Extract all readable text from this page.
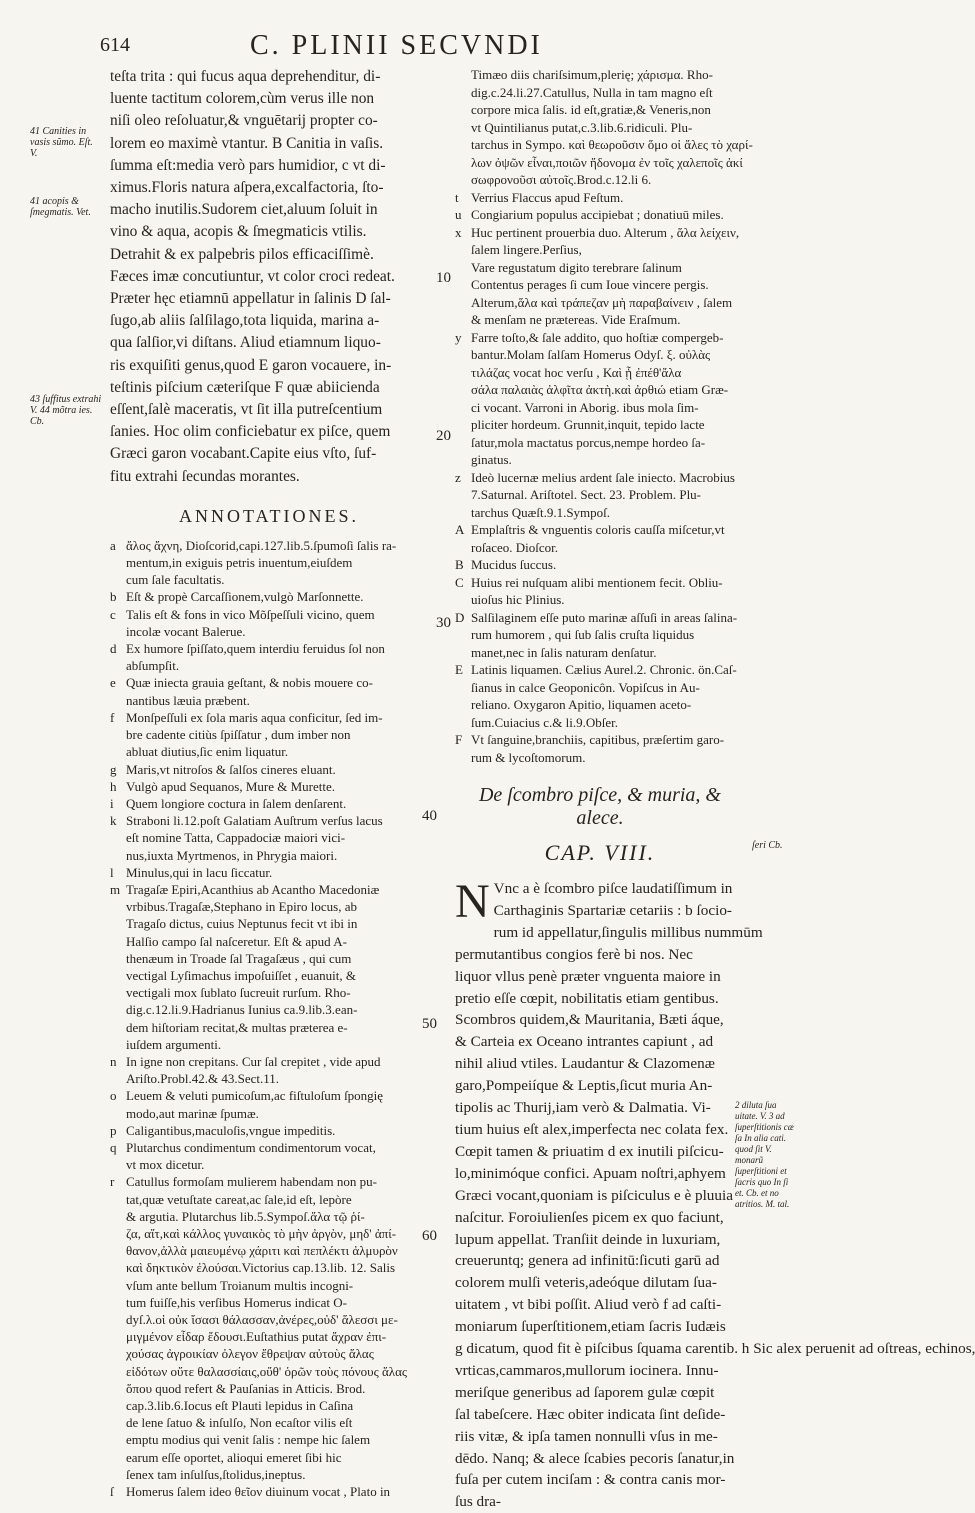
614	C. PLINII SECVNDI
41 Canities in vasis sũmo. Eſt. V.
41 acopis & ſmegmatis. Vet.
43 ſuffitus extrahi V. 44 mõtra ies. Cb.
ſeri Cb.
2 diluta ſua uitate. V. 3 ad ſuperſtitionis cæ ſa In alia cati. quod ſit V. monarũ ſuperſtitioni et ſacris quo In ſi et. Cb. et no atritios. M. tal.
10
20
30
40
50
60
teſta trita : qui fucus aqua deprehenditur, di-
luente tactitum colorem,cùm verus ille non
niſi oleo reſoluatur,& vnguētarij propter co-
lorem eo maximè vtantur. B Canitia in vaſis.
ſumma eſt:media verò pars humidior, c vt di-
ximus.Floris natura aſpera,excalfactoria, ſto-
macho inutilis.Sudorem ciet,aluum ſoluit in
vino & aqua, acopis & ſmegmaticis vtilis.
Detrahit & ex palpebris pilos efficaciſſimè.
Fæces imæ concutiuntur, vt color croci redeat.
Præter hęc etiamnū appellatur in ſalinis D ſal-
ſugo,ab aliis ſalſilago,tota liquida, marina a-
qua ſalſior,vi diſtans. Aliud etiamnum liquo-
ris exquiſiti genus,quod E garon vocauere, in-
teſtinis piſcium cæteriſque F quæ abiicienda
eſſent,ſalè maceratis, vt ſit illa putreſcentium
ſanies. Hoc olim conficiebatur ex piſce, quem
Græci garon vocabant.Capite eius vſto, ſuf-
fitu extrahi ſecundas morantes.
ANNOTATIONES.
a ἄλος ἄχνη, Dioſcorid,capi.127.lib.5.ſpumoſi ſalis ra-
mentum,in exiguis petris inuentum,eiuſdem
cum ſale facultatis.
b Eſt & propè Carcaſſionem,vulgò Marſonnette.
c Talis eſt & fons in vico Mõſpeſſuli vicino, quem
incolæ vocant Balerue.
d Ex humore ſpiſſato,quem interdiu feruidus ſol non
abſumpſit.
e Quæ iniecta grauia geſtant, & nobis mouere co-
nantibus læuia præbent.
f Monſpeſſuli ex ſola maris aqua conficitur, ſed im-
bre cadente citiùs ſpiſſatur , dum imber non
abluat diutius,ſic enim liquatur.
g Maris,vt nitroſos & ſalſos cineres eluant.
h Vulgò apud Sequanos, Mure & Murette.
i Quem longiore coctura in ſalem denſarent.
k Straboni li.12.poſt Galatiam Auſtrum verſus lacus
eſt nomine Tatta, Cappadociæ maiori vici-
nus,iuxta Myrtmenos, in Phrygia maiori.
l Minulus,qui in lacu ſiccatur.
m Tragaſæ Epiri,Acanthius ab Acantho Macedoniæ
vrbibus.Tragaſæ,Stephano in Epiro locus, ab
Tragaſo dictus, cuius Neptunus fecit vt ibi in
Halſio campo ſal naſceretur. Eſt & apud A-
thenæum in Troade ſal Tragaſæus , qui cum
vectigal Lyſimachus impoſuiſſet , euanuit, &
vectigali mox ſublato ſucreuit rurſum. Rho-
dig.c.12.li.9.Hadrianus Iunius ca.9.lib.3.ean-
dem hiſtoriam recitat,& multas præterea e-
iuſdem argumenti.
n In igne non crepitans. Cur ſal crepitet , vide apud
Ariſto.Probl.42.& 43.Sect.11.
o Leuem & veluti pumicoſum,ac fiſtuloſum ſpongię
modo,aut marinæ ſpumæ.
p Caligantibus,maculoſis,vngue impeditis.
q Plutarchus condimentum condimentorum vocat,
vt mox dicetur.
r Catullus formoſam mulierem habendam non pu-
tat,quæ vetuſtate careat,ac ſale,id eſt, lepòre
& argutia. Plutarchus lib.5.Sympoſ.ἅλα τῷ ῥί-
ζα, αἵτ,καὶ κάλλος γυναικὸς τὸ μὴν ἀργὸν, μηδ' ἀπί-
θανον,ἀλλὰ μαιευμένῳ χάριτι καὶ πεπλέκτι ἀλμυρὸν
καὶ δηκτικὸν ἐλούσαι.Victorius cap.13.lib. 12. Salis
vſum ante bellum Troianum multis incogni-
tum fuiſſe,his verſibus Homerus indicat O-
dyſ.λ.οἱ οὐκ ἴσασι θάλασσαν,ἀνέρες,οὐδ' ἅλεσσι με-
μιγμένον εἶδαρ ἔδουσι.Euſtathius putat ἄχραν ἐπι-
χούσας ἀγροικίαν ὀλεγον ἔθρεψαν αὐτοὺς ἅλας
εἰδότων οὔτε θαλασσίαις,οὔθ' ὁρῶν τοὺς πόνους ἅλας
ὅπου quod refert & Pauſanias in Atticis. Brod.
cap.3.lib.6.Iocus eſt Plauti lepidus in Caſina
de lene ſatuo & inſulſo, Non ecaſtor vilis eſt
emptu modius qui venit ſalis : nempe hic ſalem
earum eſſe oportet, alioqui emeret ſibi hic
ſenex tam inſulſus,ſtolidus,ineptus.
ſ Homerus ſalem ideo θεῖον diuinum vocat , Plato in
Timæo diis chariſsimum,plerię; χάρισμα. Rho-
dig.c.24.li.27.Catullus, Nulla in tam magno eſt
corpore mica ſalis. id eſt,gratiæ,& Veneris,non
vt Quintilianus putat,c.3.lib.6.ridiculi. Plu-
tarchus in Sympo. καὶ θεωροῦσιν ὅμο οἱ ἄλες τὸ χαρί-
λων ὀψῶν εἶναι,ποιῶν ἥδονομα ἐν τοῖς χαλεποῖς ἀκί
σωφρονοῦσι αὐτοῖς.Brod.c.12.li 6.
t Verrius Flaccus apud Feſtum.
u Congiarium populus accipiebat ; donatiuū miles.
x Huc pertinent prouerbia duo. Alterum , ἅλα λείχειν,
ſalem lingere.Perſius,
Vare regustatum digito terebrare ſalinum
Contentus perages ſi cum Ioue vincere pergis.
Alterum,ἅλα καὶ τράπεζαν μὴ παραβαίνειν , ſalem
& menſam ne prætereas. Vide Eraſmum.
y Farre toſto,& ſale addito, quo hoſtiæ compergeb-
bantur.Molam ſalſam Homerus Odyſ. ξ. οὐλὰς
τιλάζας vocat hoc verſu , Καὶ ᾗ ἐπέθ'ἄλα
σάλα παλαιὰς ἀλφῖτα ἀκτὴ.καὶ ἀρθιώ etiam Græ-
ci vocant. Varroni in Aborig. ibus mola ſim-
pliciter hordeum. Grunnit,inquit, tepido lacte
ſatur,mola mactatus porcus,nempe hordeo ſa-
ginatus.
z Ideò lucernæ melius ardent ſale iniecto. Macrobius
7.Saturnal. Ariſtotel. Sect. 23. Problem. Plu-
tarchus Quæſt.9.1.Sympoſ.
A Emplaſtris & vnguentis coloris cauſſa miſcetur,vt
roſaceo. Dioſcor.
B Mucidus ſuccus.
C Huius rei nuſquam alibi mentionem fecit. Obliu-
uioſus hic Plinius.
D Salſilaginem eſſe puto marinæ aſſuſi in areas ſalina-
rum humorem , qui ſub ſalis cruſta liquidus
manet,nec in ſalis naturam denſatur.
E Latinis liquamen. Cælius Aurel.2. Chronic. ön.Caſ-
ſianus in calce Geoponicôn. Vopiſcus in Au-
reliano. Oxygaron Apitio, liquamen aceto-
ſum.Cuiacius c.& li.9.Obſer.
F Vt ſanguine,branchiis, capitibus, præſertim garo-
rum & lycoſtomorum.
De ſcombro piſce, & muria, & alece.
CAP. VIII.
N Vnc a è ſcombro piſce laudatiſſimum in
Carthaginis Spartariæ cetariis : b ſocio-
rum id appellatur,ſingulis millibus nummūm
permutantibus congios ferè bi nos. Nec
liquor vllus penè præter vnguenta maiore in
pretio eſſe cœpit, nobilitatis etiam gentibus.
Scombros quidem,& Mauritania, Bæti áque,
& Carteia ex Oceano intrantes capiunt , ad
nihil aliud vtiles. Laudantur & Clazomenæ
garo,Pompeiíque & Leptis,ſicut muria An-
tipolis ac Thurij,iam verò & Dalmatia. Vi-
tium huius eſt alex,imperfecta nec colata fex.
Cœpit tamen & priuatim d ex inutili piſcicu-
lo,minimóque confici. Apuam noſtri,aphyem
Græci vocant,quoniam is piſciculus e è pluuia
naſcitur. Foroiulienſes picem ex quo faciunt,
lupum appellat. Tranſiit deinde in luxuriam,
creueruntq; genera ad infinitū:ſicuti garū ad
colorem mulſi veteris,adeóque dilutam ſua-
uitatem , vt bibi poſſit. Aliud verò f ad caſti-
moniarum ſuperſtitionem,etiam ſacris Iudæis
g dicatum, quod fit è piſcibus ſquama carentib. h Sic alex peruenit ad oſtreas, echinos,
vrticas,cammaros,mullorum iocinera. Innu-
meriſque generibus ad ſaporem gulæ cœpit
ſal tabeſcere. Hæc obiter indicata ſint deſide-
riis vitæ, & ipſa tamen nonnulli vſus in me-
dēdo. Nanq; & alece ſcabies pecoris ſanatur,in
fuſa per cutem inciſam : & contra canis mor-
ſus dra-
